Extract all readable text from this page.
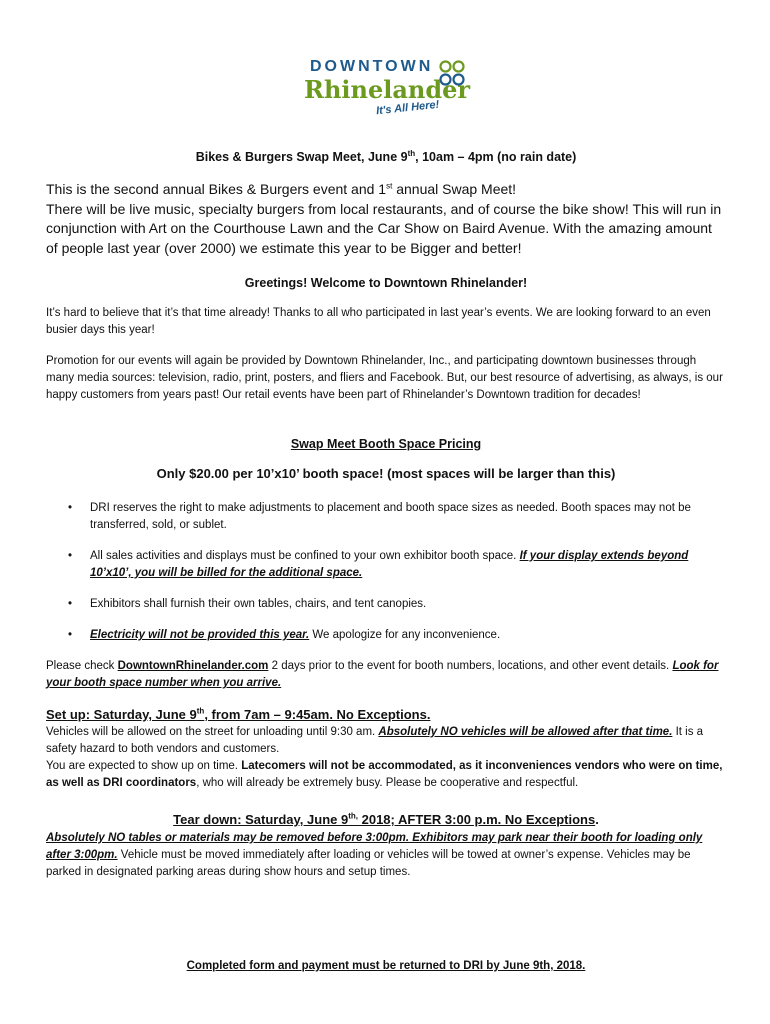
DOWNTOWN
Rhinelander
It's All Here!
Bikes & Burgers Swap Meet, June 9th, 10am – 4pm (no rain date)
This is the second annual Bikes & Burgers event and 1st annual Swap Meet!
There will be live music, specialty burgers from local restaurants, and of course the bike show! This will run in conjunction with Art on the Courthouse Lawn and the Car Show on Baird Avenue. With the amazing amount of people last year (over 2000) we estimate this year to be Bigger and better!
Greetings! Welcome to Downtown Rhinelander!
It’s hard to believe that it’s that time already! Thanks to all who participated in last year’s events. We are looking forward to an even busier days this year!
Promotion for our events will again be provided by Downtown Rhinelander, Inc., and participating downtown businesses through many media sources: television, radio, print, posters, and fliers and Facebook. But, our best resource of advertising, as always, is our happy customers from years past! Our retail events have been part of Rhinelander’s Downtown tradition for decades!
Swap Meet Booth Space Pricing
Only $20.00 per 10’x10’ booth space! (most spaces will be larger than this)
• DRI reserves the right to make adjustments to placement and booth space sizes as needed. Booth spaces may not be transferred, sold, or sublet.
• All sales activities and displays must be confined to your own exhibitor booth space. If your display extends beyond 10’x10’, you will be billed for the additional space.
• Exhibitors shall furnish their own tables, chairs, and tent canopies.
• Electricity will not be provided this year. We apologize for any inconvenience.
Please check DowntownRhinelander.com 2 days prior to the event for booth numbers, locations, and other event details. Look for your booth space number when you arrive.
Set up: Saturday, June 9th, from 7am – 9:45am. No Exceptions.
Vehicles will be allowed on the street for unloading until 9:30 am. Absolutely NO vehicles will be allowed after that time. It is a safety hazard to both vendors and customers.
You are expected to show up on time. Latecomers will not be accommodated, as it inconveniences vendors who were on time, as well as DRI coordinators, who will already be extremely busy. Please be cooperative and respectful.
Tear down: Saturday, June $9^{th,}$ 2018; AFTER 3:00 p.m. No Exceptions.
Absolutely NO tables or materials may be removed before 3:00pm. Exhibitors may park near their booth for loading only after 3:00pm. Vehicle must be moved immediately after loading or vehicles will be towed at owner’s expense. Vehicles may be parked in designated parking areas during show hours and setup times.
Completed form and payment must be returned to DRI by June 9th, 2018.
